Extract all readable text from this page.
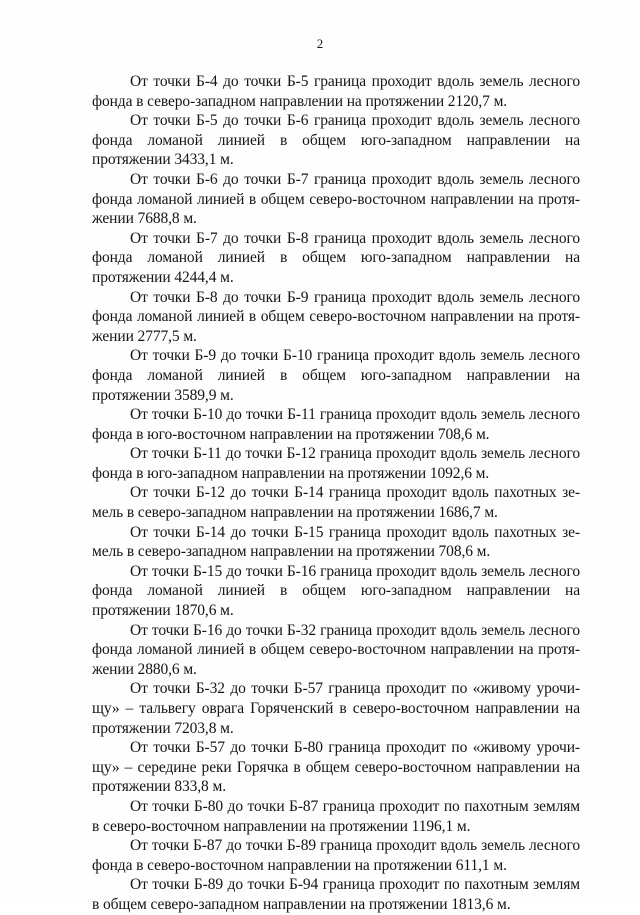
2

От точки Б-4 до точки Б-5 граница проходит вдоль земель лесного фонда в северо-западном направлении на протяжении 2120,7 м.

От точки Б-5 до точки Б-6 граница проходит вдоль земель лесного фонда ломаной линией в общем юго-западном направлении на протяжении 3433,1 м.

От точки Б-6 до точки Б-7 граница проходит вдоль земель лесного фонда ломаной линией в общем северо-восточном направлении на протя-жении 7688,8 м.

От точки Б-7 до точки Б-8 граница проходит вдоль земель лесного фонда ломаной линией в общем юго-западном направлении на протяжении 4244,4 м.

От точки Б-8 до точки Б-9 граница проходит вдоль земель лесного фонда ломаной линией в общем северо-восточном направлении на протя-жении 2777,5 м.

От точки Б-9 до точки Б-10 граница проходит вдоль земель лесного фонда ломаной линией в общем юго-западном направлении на протяжении 3589,9 м.

От точки Б-10 до точки Б-11 граница проходит вдоль земель лесного фонда в юго-восточном направлении на протяжении 708,6 м.

От точки Б-11 до точки Б-12 граница проходит вдоль земель лесного фонда в юго-западном направлении на протяжении 1092,6 м.

От точки Б-12 до точки Б-14 граница проходит вдоль пахотных зе-мель в северо-западном направлении на протяжении 1686,7 м.

От точки Б-14 до точки Б-15 граница проходит вдоль пахотных зе-мель в северо-западном направлении на протяжении 708,6 м.

От точки Б-15 до точки Б-16 граница проходит вдоль земель лесного фонда ломаной линией в общем юго-западном направлении на протяжении 1870,6 м.

От точки Б-16 до точки Б-32 граница проходит вдоль земель лесного фонда ломаной линией в общем северо-восточном направлении на протя-жении 2880,6 м.

От точки Б-32 до точки Б-57 граница проходит по «живому урочи-щу» – тальвегу оврага Горяченский в северо-восточном направлении на протяжении 7203,8 м.

От точки Б-57 до точки Б-80 граница проходит по «живому урочи-щу» – середине реки Горячка в общем северо-восточном направлении на протяжении 833,8 м.

От точки Б-80 до точки Б-87 граница проходит по пахотным землям в северо-восточном направлении на протяжении 1196,1 м.

От точки Б-87 до точки Б-89 граница проходит вдоль земель лесного фонда в северо-восточном направлении на протяжении 611,1 м.

От точки Б-89 до точки Б-94 граница проходит по пахотным землям в общем северо-западном направлении на протяжении 1813,6 м.
